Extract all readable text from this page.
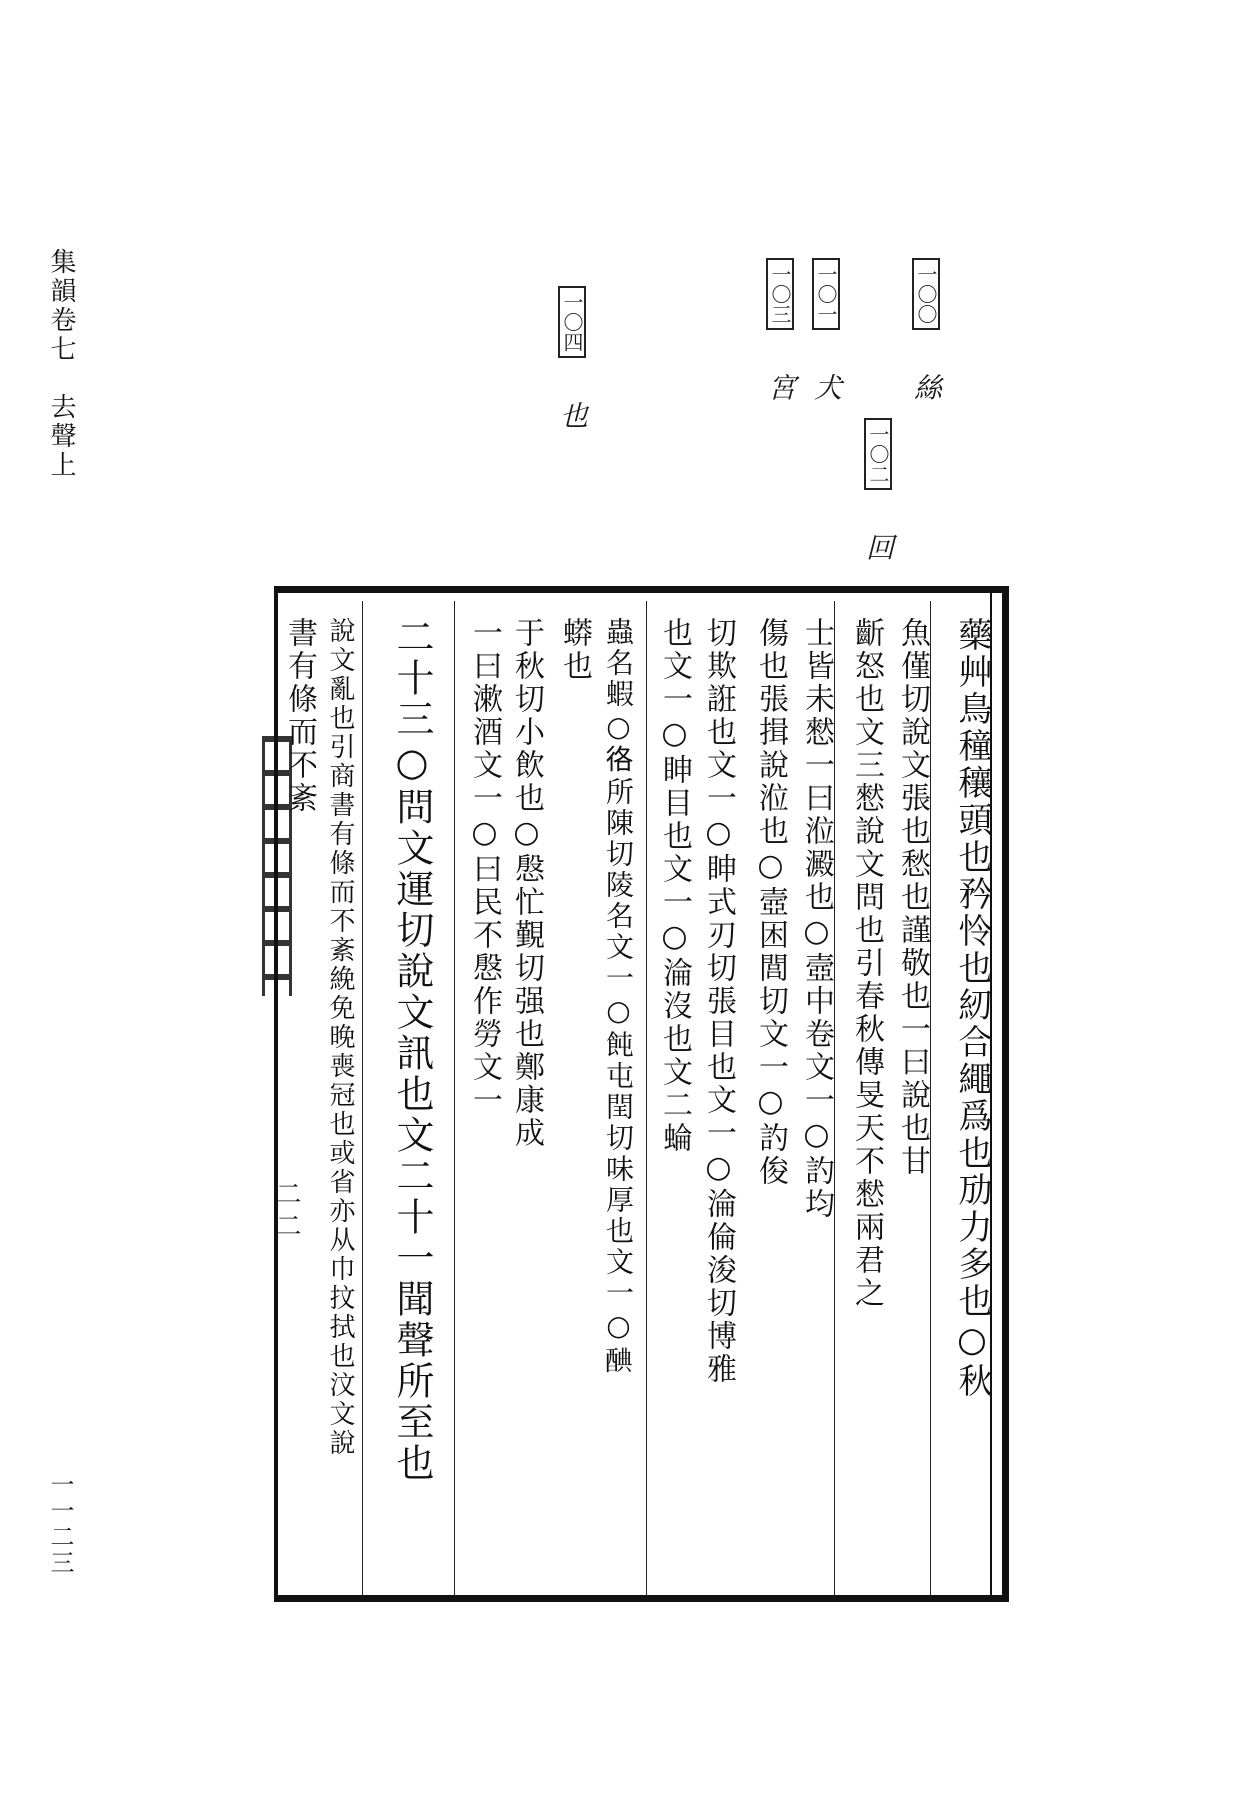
集韻卷七　去聲上
一一二三
一〇〇 絲
一〇一 犬
一〇二 回
一〇三 宮
一〇四 也
二二	藥艸鳥穜穰頭也矜怜也紉合繩爲也劢力多也○秋
魚僅切說文張也愁也謹敬也一曰說也甘
齗怒也文三憖說文問也引春秋傳旻天不憖兩君之
士皆未憖一曰涖澱也○壼中卷文一○訋均
傷也張揖說涖也○壼困閭切文一○訋俊
切欺誑也文一○眒式刃切張目也文一○淪倫浚切博雅
也文一○眒目也文一○淪沒也文二蜦
蟲名蝦○𢓜所陳切陵名文一○飩屯閏切味厚也文一○𨡏
蟒也
于秋切小飲也○慇忙覲切强也鄭康成
一曰漱酒文一○曰民不慇作勞文一
二十三○問文運切說文訊也文二十一聞聲所至也
說文亂也引商書有條而不紊絻免晚喪冠也或省亦从巾抆拭也汶文說
書有條而不紊
